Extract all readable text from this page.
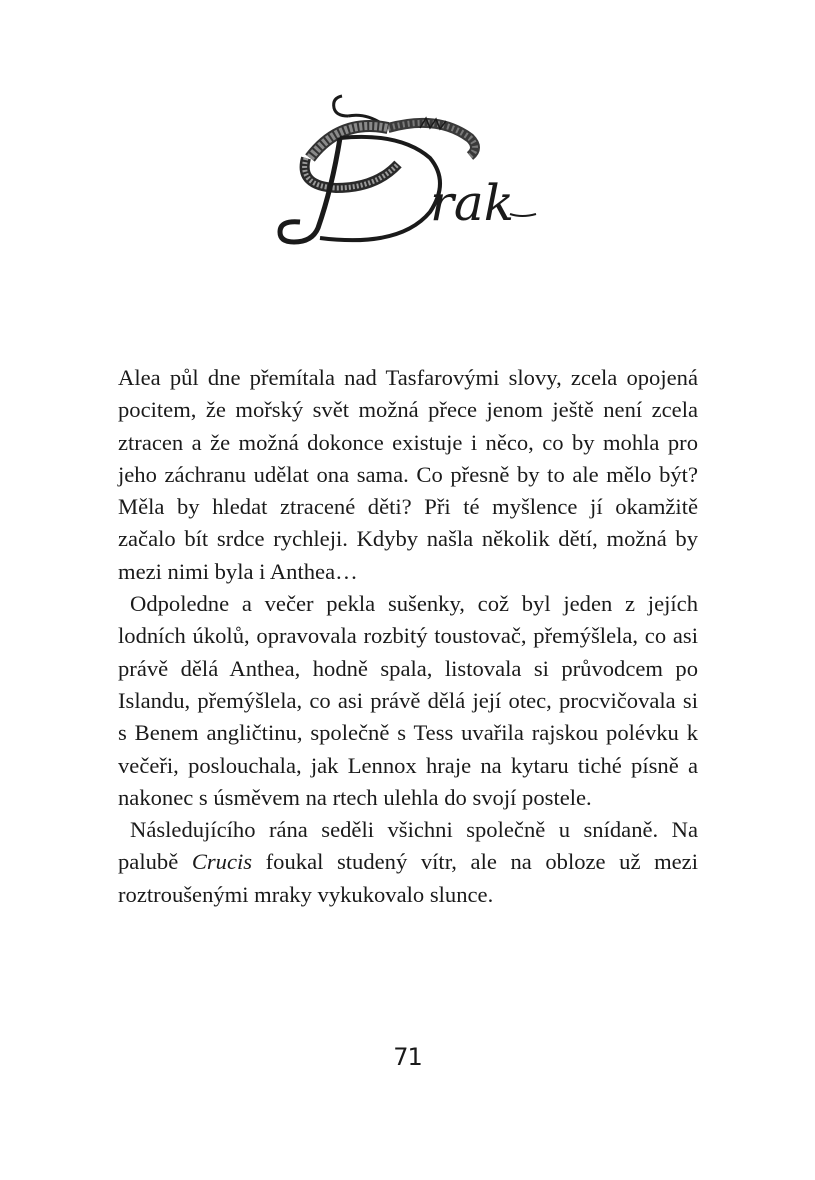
rak

Alea půl dne přemítala nad Tasfarovými slovy, zcela opojená pocitem, že mořský svět možná přece jenom ještě není zcela ztracen a že možná dokonce existuje i něco, co by mohla pro jeho záchranu udělat ona sama. Co přesně by to ale mělo být? Měla by hledat ztracené děti? Při té myšlence jí okamžitě začalo bít srdce rychleji. Kdyby našla několik dětí, možná by mezi nimi byla i Anthea…

Odpoledne a večer pekla sušenky, což byl jeden z jejích lodních úkolů, opravovala rozbitý toustovač, přemýšlela, co asi právě dělá Anthea, hodně spala, listovala si průvodcem po Islandu, přemýšlela, co asi právě dělá její otec, procvičovala si s Benem angličtinu, společně s Tess uvařila rajskou polévku k večeři, poslouchala, jak Lennox hraje na kytaru tiché písně a nakonec s úsměvem na rtech ulehla do svojí postele.

Následujícího rána seděli všichni společně u snídaně. Na palubě Crucis foukal studený vítr, ale na obloze už mezi roztroušenými mraky vykukovalo slunce.

71
